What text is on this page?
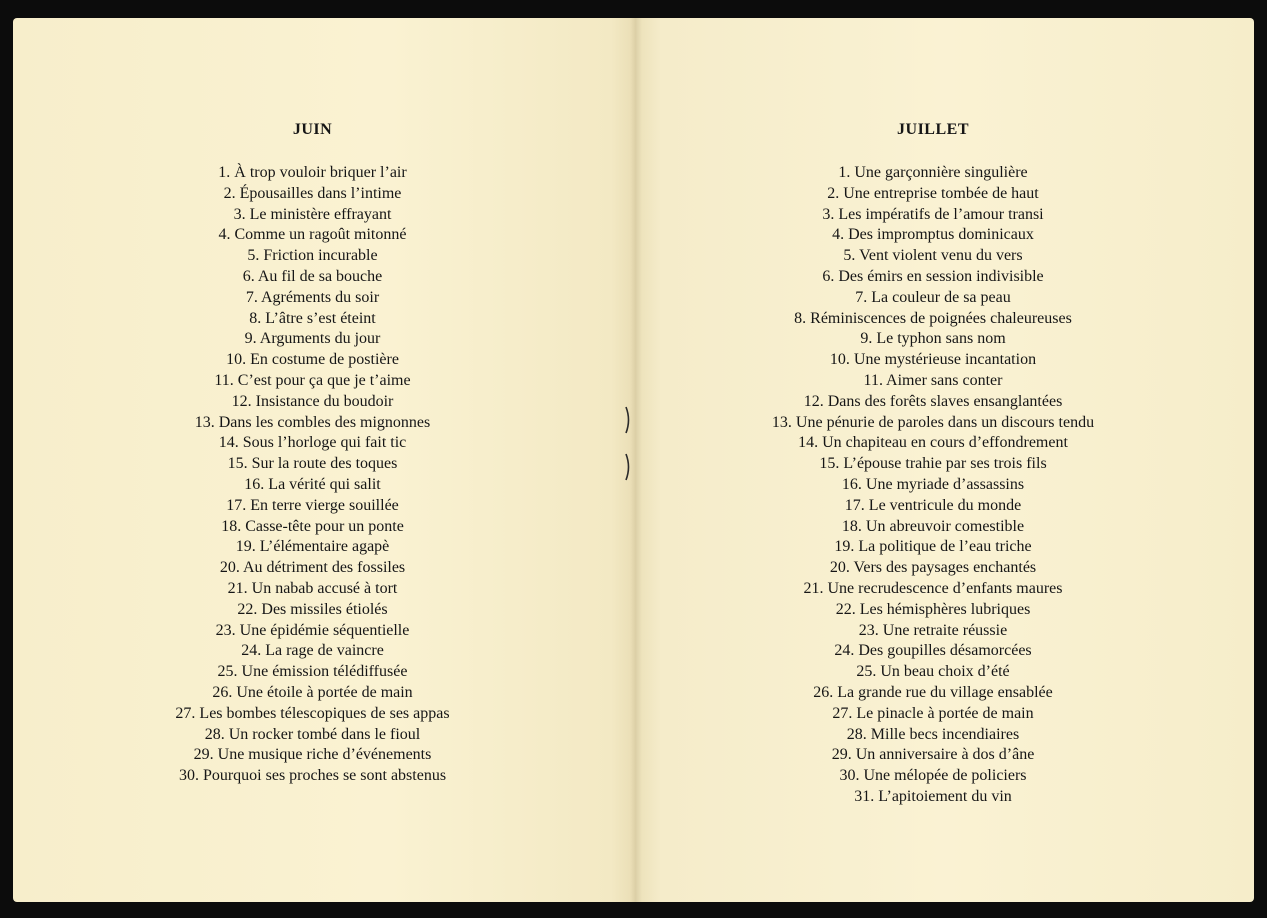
JUIN
1. À trop vouloir briquer l’air
2. Épousailles dans l’intime
3. Le ministère effrayant
4. Comme un ragoût mitonné
5. Friction incurable
6. Au fil de sa bouche
7. Agréments du soir
8. L’âtre s’est éteint
9. Arguments du jour
10. En costume de postière
11. C’est pour ça que je t’aime
12. Insistance du boudoir
13. Dans les combles des mignonnes
14. Sous l’horloge qui fait tic
15. Sur la route des toques
16. La vérité qui salit
17. En terre vierge souillée
18. Casse-tête pour un ponte
19. L’élémentaire agapè
20. Au détriment des fossiles
21. Un nabab accusé à tort
22. Des missiles étiolés
23. Une épidémie séquentielle
24. La rage de vaincre
25. Une émission télédiffusée
26. Une étoile à portée de main
27. Les bombes télescopiques de ses appas
28. Un rocker tombé dans le fioul
29. Une musique riche d’événements
30. Pourquoi ses proches se sont abstenus
JUILLET
1. Une garçonnière singulière
2. Une entreprise tombée de haut
3. Les impératifs de l’amour transi
4. Des impromptus dominicaux
5. Vent violent venu du vers
6. Des émirs en session indivisible
7. La couleur de sa peau
8. Réminiscences de poignées chaleureuses
9. Le typhon sans nom
10. Une mystérieuse incantation
11. Aimer sans conter
12. Dans des forêts slaves ensanglantées
13. Une pénurie de paroles dans un discours tendu
14. Un chapiteau en cours d’effondrement
15. L’épouse trahie par ses trois fils
16. Une myriade d’assassins
17. Le ventricule du monde
18. Un abreuvoir comestible
19. La politique de l’eau triche
20. Vers des paysages enchantés
21. Une recrudescence d’enfants maures
22. Les hémisphères lubriques
23. Une retraite réussie
24. Des goupilles désamorcées
25. Un beau choix d’été
26. La grande rue du village ensablée
27. Le pinacle à portée de main
28. Mille becs incendiaires
29. Un anniversaire à dos d’âne
30. Une mélopée de policiers
31. L’apitoiement du vin
